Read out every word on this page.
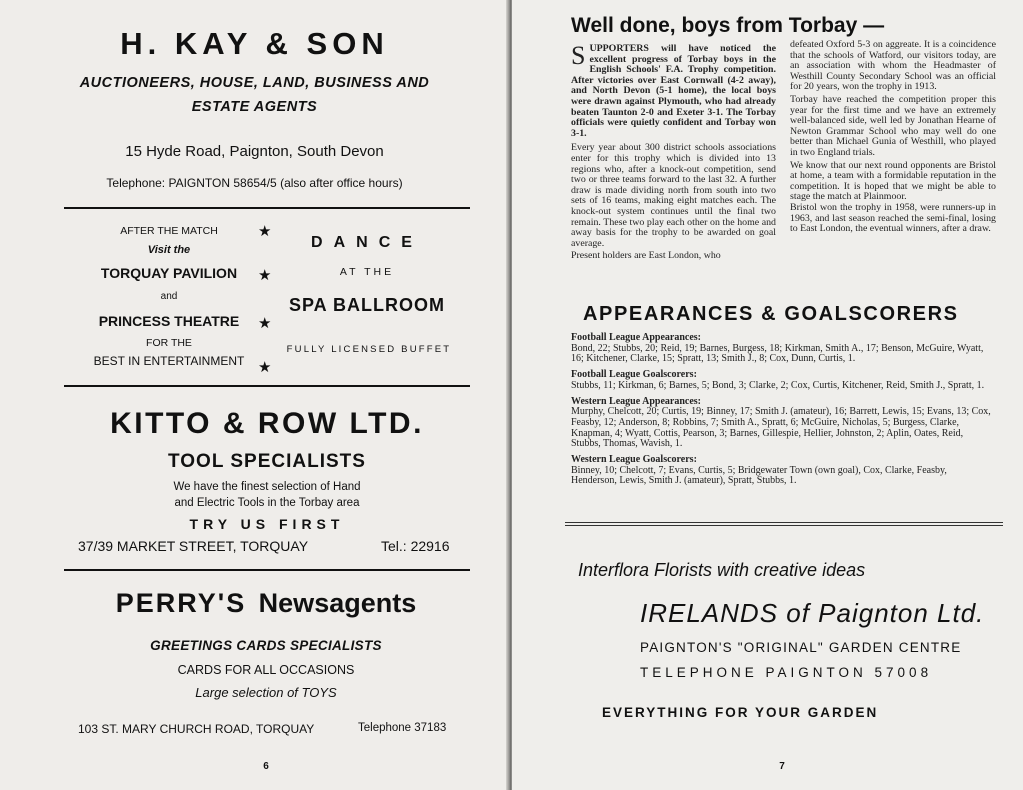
H. KAY & SON
AUCTIONEERS, HOUSE, LAND, BUSINESS AND
ESTATE AGENTS
15 Hyde Road, Paignton, South Devon
Telephone: PAIGNTON 58654/5 (also after office hours)
AFTER THE MATCH
Visit the
TORQUAY PAVILION
and
PRINCESS THEATRE
FOR THE
BEST IN ENTERTAINMENT
★
★
★
★
DANCE
AT THE
SPA BALLROOM
FULLY LICENSED BUFFET
KITTO & ROW LTD.
TOOL SPECIALISTS
We have the finest selection of Hand
and Electric Tools in the Torbay area
TRY US FIRST
37/39 MARKET STREET, TORQUAY	Tel.: 22916
PERRY'S Newsagents
GREETINGS CARDS SPECIALISTS
CARDS FOR ALL OCCASIONS
Large selection of TOYS
103 ST. MARY CHURCH ROAD, TORQUAY	Telephone 37183
6
Well done, boys from Torbay —

SUPPORTERS will have noticed the excellent progress of Torbay boys in the English Schools' F.A. Trophy competition. After victories over East Cornwall (4-2 away), and North Devon (5-1 home), the local boys were drawn against Plymouth, who had already beaten Taunton 2-0 and Exeter 3-1. The Torbay officials were quietly confident and Torbay won 3-1.

Every year about 300 district schools associations enter for this trophy which is divided into 13 regions who, after a knock-out competition, send two or three teams forward to the last 32. A further draw is made dividing north from south into two sets of 16 teams, making eight matches each. The knock-out system continues until the final two remain. These two play each other on the home and away basis for the trophy to be awarded on goal average.

Present holders are East London, who

defeated Oxford 5-3 on aggreate. It is a coincidence that the schools of Watford, our visitors today, are an association with whom the Headmaster of Westhill County Secondary School was an official for 20 years, won the trophy in 1913.

Torbay have reached the competition proper this year for the first time and we have an extremely well-balanced side, well led by Jonathan Hearne of Newton Grammar School who may well do one better than Michael Gunia of Westhill, who played in two England trials.

We know that our next round opponents are Bristol at home, a team with a formidable reputation in the competition. It is hoped that we might be able to stage the match at Plainmoor.

Bristol won the trophy in 1958, were runners-up in 1963, and last season reached the semi-final, losing to East London, the eventual winners, after a draw.

APPEARANCES & GOALSCORERS
Football League Appearances:
Bond, 22; Stubbs, 20; Reid, 19; Barnes, Burgess, 18; Kirkman, Smith A., 17; Benson, McGuire, Wyatt, 16; Kitchener, Clarke, 15; Spratt, 13; Smith J., 8; Cox, Dunn, Curtis, 1.
Football League Goalscorers:
Stubbs, 11; Kirkman, 6; Barnes, 5; Bond, 3; Clarke, 2; Cox, Curtis, Kitchener, Reid, Smith J., Spratt, 1.
Western League Appearances:
Murphy, Chelcott, 20; Curtis, 19; Binney, 17; Smith J. (amateur), 16; Barrett, Lewis, 15; Evans, 13; Cox, Feasby, 12; Anderson, 8; Robbins, 7; Smith A., Spratt, 6; McGuire, Nicholas, 5; Burgess, Clarke, Knapman, 4; Wyatt, Cottis, Pearson, 3; Barnes, Gillespie, Hellier, Johnston, 2; Aplin, Oates, Reid, Stubbs, Thomas, Wavish, 1.
Western League Goalscorers:
Binney, 10; Chelcott, 7; Evans, Curtis, 5; Bridgewater Town (own goal), Cox, Clarke, Feasby, Henderson, Lewis, Smith J. (amateur), Spratt, Stubbs, 1.
Interflora Florists with creative ideas
IRELANDS of Paignton Ltd.
PAIGNTON'S "ORIGINAL" GARDEN CENTRE
TELEPHONE PAIGNTON 57008
EVERYTHING FOR YOUR GARDEN
7
